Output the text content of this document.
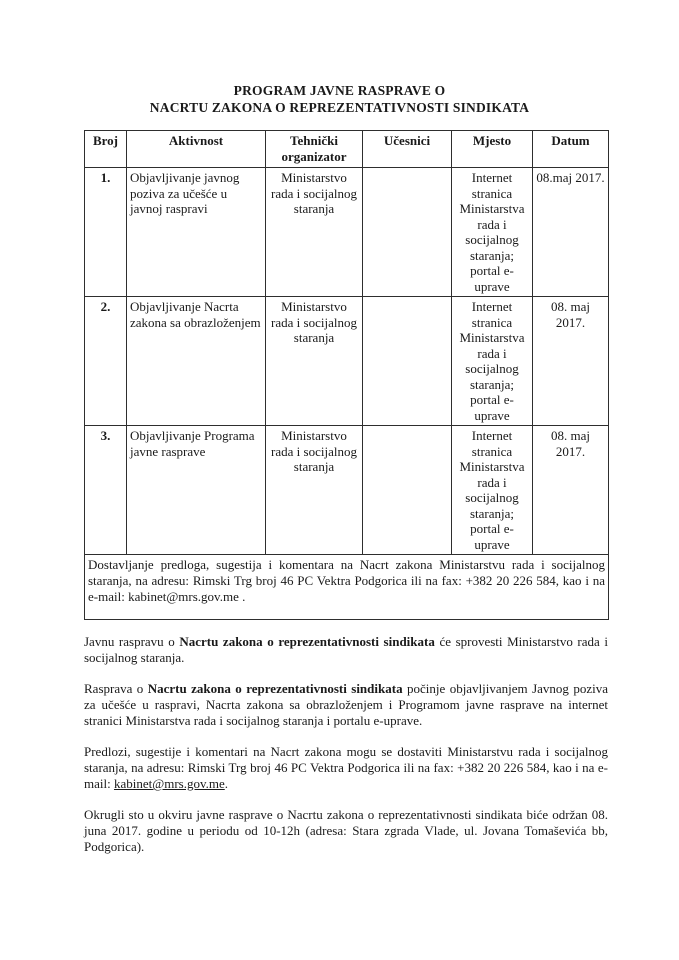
PROGRAM JAVNE RASPRAVE O
NACRTU ZAKONA O REPREZENTATIVNOSTI SINDIKATA
Broj	Aktivnost	Tehnički organizator	Učesnici	Mjesto	Datum
1.	Objavljivanje javnog poziva za učešće u javnoj raspravi	Ministarstvo rada i socijalnog staranja		Internet stranica Ministarstva rada i socijalnog staranja; portal e-uprave	08.maj 2017.
2.	Objavljivanje Nacrta zakona sa obrazloženjem	Ministarstvo rada i socijalnog staranja		Internet stranica Ministarstva rada i socijalnog staranja; portal e-uprave	08. maj 2017.
3.	Objavljivanje Programa javne rasprave	Ministarstvo rada i socijalnog staranja		Internet stranica Ministarstva rada i socijalnog staranja; portal e-uprave	08. maj 2017.
Dostavljanje predloga, sugestija i komentara na Nacrt zakona Ministarstvu rada i socijalnog staranja, na adresu: Rimski Trg broj 46 PC Vektra Podgorica ili na fax: +382 20 226 584, kao i na e-mail: kabinet@mrs.gov.me .					

Javnu raspravu o Nacrtu zakona o reprezentativnosti sindikata će sprovesti Ministarstvo rada i socijalnog staranja.

Rasprava o Nacrtu zakona o reprezentativnosti sindikata počinje objavljivanjem Javnog poziva za učešće u raspravi, Nacrta zakona sa obrazloženjem i Programom javne rasprave na internet stranici Ministarstva rada i socijalnog staranja i portalu e-uprave.

Predlozi, sugestije i komentari na Nacrt zakona mogu se dostaviti Ministarstvu rada i socijalnog staranja, na adresu: Rimski Trg broj 46 PC Vektra Podgorica ili na fax: +382 20 226 584, kao i na e-mail: kabinet@mrs.gov.me.

Okrugli sto u okviru javne rasprave o Nacrtu zakona o reprezentativnosti sindikata biće održan 08. juna 2017. godine u periodu od 10-12h (adresa: Stara zgrada Vlade, ul. Jovana Tomaševića bb, Podgorica).
